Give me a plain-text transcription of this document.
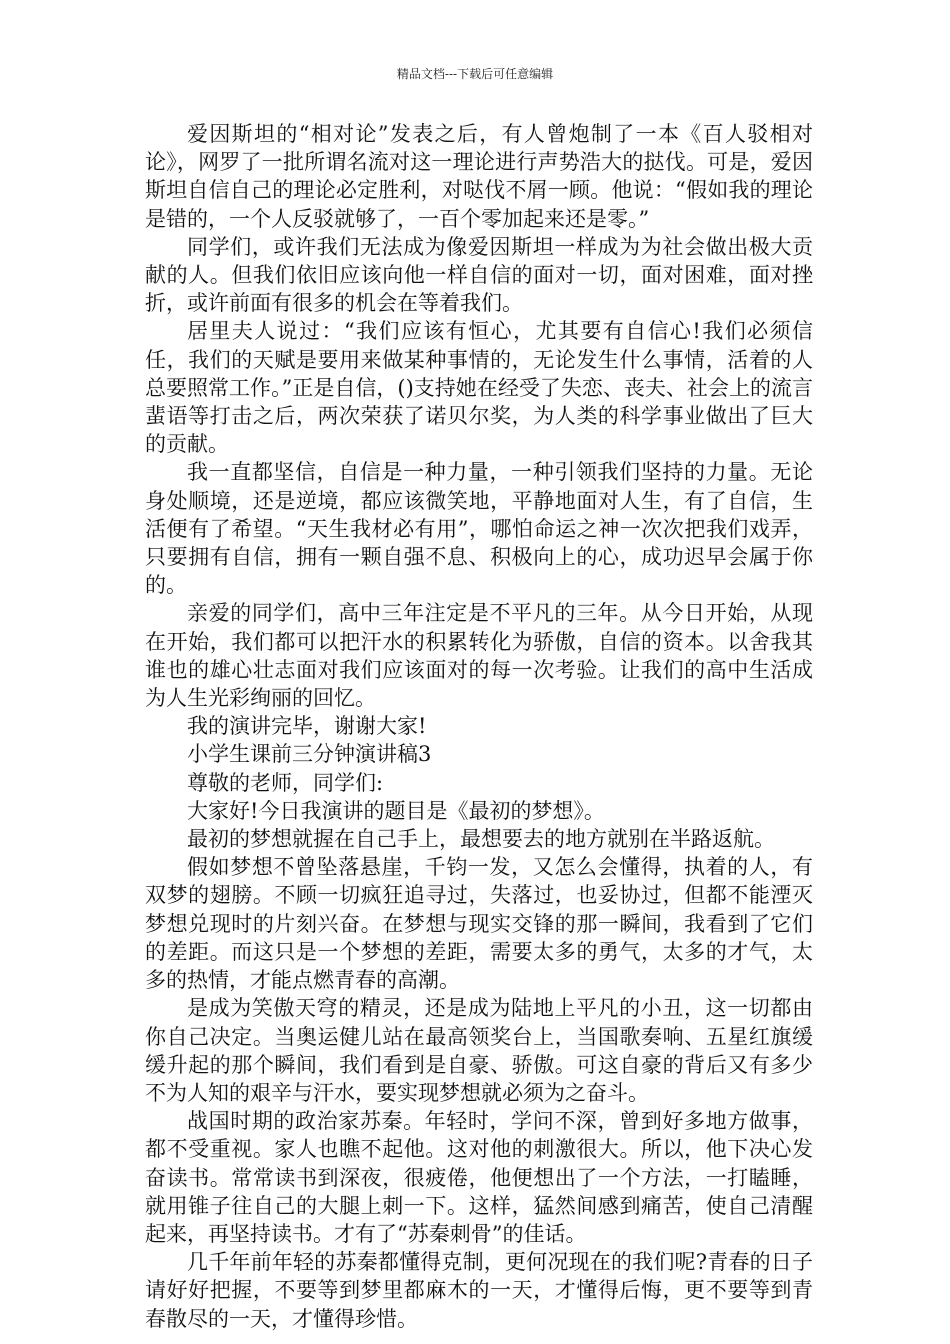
精品文档---下载后可任意编辑

爱因斯坦的“相对论”发表之后，有人曾炮制了一本《百人驳相对论》，网罗了一批所谓名流对这一理论进行声势浩大的挞伐。可是，爱因斯坦自信自己的理论必定胜利，对哒伐不屑一顾。他说：“假如我的理论是错的，一个人反驳就够了，一百个零加起来还是零。”

同学们，或许我们无法成为像爱因斯坦一样成为为社会做出极大贡献的人。但我们依旧应该向他一样自信的面对一切，面对困难，面对挫折，或许前面有很多的机会在等着我们。

居里夫人说过：“我们应该有恒心，尤其要有自信心!我们必须信任，我们的天赋是要用来做某种事情的，无论发生什么事情，活着的人总要照常工作。”正是自信，()支持她在经受了失恋、丧夫、社会上的流言蜚语等打击之后，两次荣获了诺贝尔奖，为人类的科学事业做出了巨大的贡献。

我一直都坚信，自信是一种力量，一种引领我们坚持的力量。无论身处顺境，还是逆境，都应该微笑地，平静地面对人生，有了自信，生活便有了希望。“天生我材必有用”，哪怕命运之神一次次把我们戏弄，只要拥有自信，拥有一颗自强不息、积极向上的心，成功迟早会属于你的。

亲爱的同学们，高中三年注定是不平凡的三年。从今日开始，从现在开始，我们都可以把汗水的积累转化为骄傲，自信的资本。以舍我其谁也的雄心壮志面对我们应该面对的每一次考验。让我们的高中生活成为人生光彩绚丽的回忆。

我的演讲完毕，谢谢大家!

小学生课前三分钟演讲稿3

尊敬的老师，同学们:

大家好!今日我演讲的题目是《最初的梦想》。

最初的梦想就握在自己手上，最想要去的地方就别在半路返航。

假如梦想不曾坠落悬崖，千钧一发，又怎么会懂得，执着的人，有双梦的翅膀。不顾一切疯狂追寻过，失落过，也妥协过，但都不能湮灭梦想兑现时的片刻兴奋。在梦想与现实交锋的那一瞬间，我看到了它们的差距。而这只是一个梦想的差距，需要太多的勇气，太多的才气，太多的热情，才能点燃青春的高潮。

是成为笑傲天穹的精灵，还是成为陆地上平凡的小丑，这一切都由你自己决定。当奥运健儿站在最高领奖台上，当国歌奏响、五星红旗缓缓升起的那个瞬间，我们看到是自豪、骄傲。可这自豪的背后又有多少不为人知的艰辛与汗水，要实现梦想就必须为之奋斗。

战国时期的政治家苏秦。年轻时，学问不深，曾到好多地方做事，都不受重视。家人也瞧不起他。这对他的刺激很大。所以，他下决心发奋读书。常常读书到深夜，很疲倦，他便想出了一个方法，一打瞌睡，就用锥子往自己的大腿上刺一下。这样，猛然间感到痛苦，使自己清醒起来，再坚持读书。才有了“苏秦刺骨”的佳话。

几千年前年轻的苏秦都懂得克制，更何况现在的我们呢?青春的日子请好好把握，不要等到梦里都麻木的一天，才懂得后悔，更不要等到青春散尽的一天，才懂得珍惜。
